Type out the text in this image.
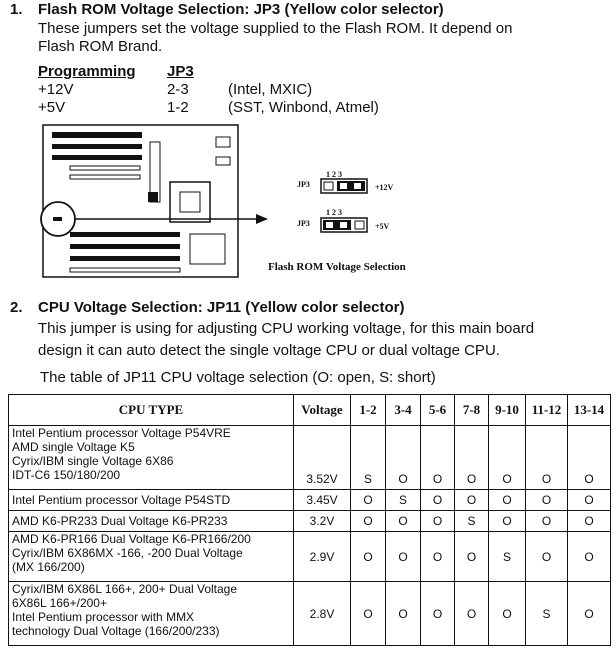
1. Flash ROM Voltage Selection: JP3 (Yellow color selector)
These jumpers set the voltage supplied to the Flash ROM. It depend on
Flash ROM Brand.
Programming JP3
+12V	2-3	(Intel, MXIC)
+5V	1-2	(SST, Winbond, Atmel)
JP3
1 2 3
+12V
JP3
1 2 3
+5V
Flash ROM Voltage Selection
2. CPU Voltage Selection: JP11 (Yellow color selector)
This jumper is using for adjusting CPU working voltage, for this main board
design it can auto detect the single voltage CPU or dual voltage CPU.
The table of JP11 CPU voltage selection (O: open, S: short)
CPU TYPE	Voltage	1-2	3-4	5-6	7-8	9-10	11-12	13-14

Intel Pentium processor Voltage P54VRE
AMD single Voltage K5
Cyrix/IBM single Voltage 6X86
IDT-C6 150/180/200	3.52V	S	O	O	O	O	O	O

Intel Pentium processor Voltage P54STD	3.45V	O	S	O	O	O	O	O

AMD K6-PR233 Dual Voltage K6-PR233	3.2V	O	O	O	S	O	O	O

AMD K6-PR166 Dual Voltage K6-PR166/200
Cyrix/IBM 6X86MX -166, -200 Dual Voltage
(MX 166/200)	2.9V	O	O	O	O	S	O	O

Cyrix/IBM 6X86L 166+, 200+ Dual Voltage
6X86L 166+/200+
Intel Pentium processor with MMX
technology Dual Voltage (166/200/233)	2.8V	O	O	O	O	O	S	O
